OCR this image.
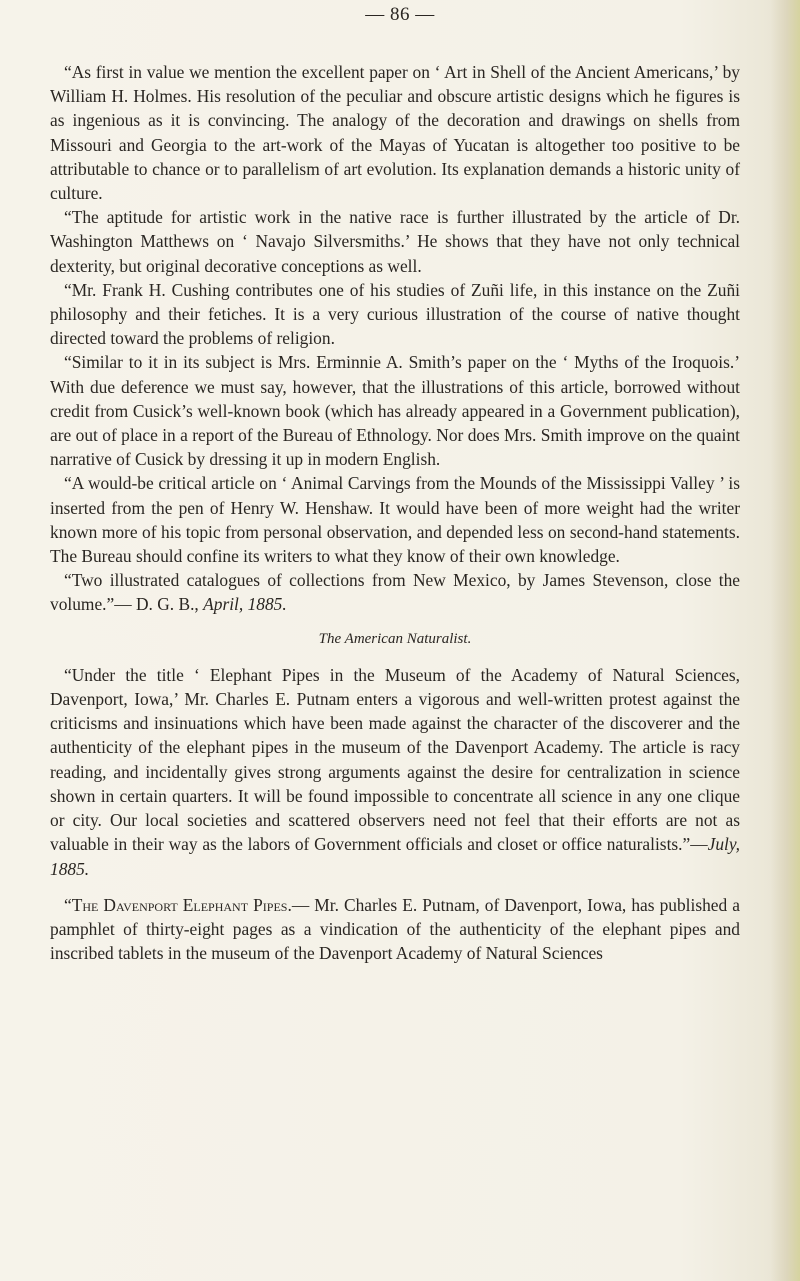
— 86 —

“As first in value we mention the excellent paper on ‘ Art in Shell of the Ancient Americans,’ by William H. Holmes. His resolution of the peculiar and obscure artistic designs which he figures is as ingenious as it is convincing. The analogy of the decoration and drawings on shells from Missouri and Georgia to the art-work of the Mayas of Yucatan is altogether too positive to be attributable to chance or to parallelism of art evolution. Its explanation demands a historic unity of culture.

“The aptitude for artistic work in the native race is further illustrated by the article of Dr. Washington Matthews on ‘ Navajo Silversmiths.’ He shows that they have not only technical dexterity, but original decorative conceptions as well.

“Mr. Frank H. Cushing contributes one of his studies of Zuñi life, in this instance on the Zuñi philosophy and their fetiches. It is a very curious illustration of the course of native thought directed toward the problems of religion.

“Similar to it in its subject is Mrs. Erminnie A. Smith’s paper on the ‘ Myths of the Iroquois.’ With due deference we must say, however, that the illustrations of this article, borrowed without credit from Cusick’s well-known book (which has already appeared in a Government publication), are out of place in a report of the Bureau of Ethnology. Nor does Mrs. Smith improve on the quaint narrative of Cusick by dressing it up in modern English.

“A would-be critical article on ‘ Animal Carvings from the Mounds of the Mississippi Valley ’ is inserted from the pen of Henry W. Henshaw. It would have been of more weight had the writer known more of his topic from personal observation, and depended less on second-hand statements. The Bureau should confine its writers to what they know of their own knowledge.

“Two illustrated catalogues of collections from New Mexico, by James Stevenson, close the volume.”— D. G. B., April, 1885.

The American Naturalist.

“Under the title ‘ Elephant Pipes in the Museum of the Academy of Natural Sciences, Davenport, Iowa,’ Mr. Charles E. Putnam enters a vigorous and well-written protest against the criticisms and insinuations which have been made against the character of the discoverer and the authenticity of the elephant pipes in the museum of the Davenport Academy. The article is racy reading, and incidentally gives strong arguments against the desire for centralization in science shown in certain quarters. It will be found impossible to concentrate all science in any one clique or city. Our local societies and scattered observers need not feel that their efforts are not as valuable in their way as the labors of Government officials and closet or office naturalists.”—July, 1885.

“The Davenport Elephant Pipes.— Mr. Charles E. Putnam, of Davenport, Iowa, has published a pamphlet of thirty-eight pages as a vindication of the authenticity of the elephant pipes and inscribed tablets in the museum of the Davenport Academy of Natural Sciences
